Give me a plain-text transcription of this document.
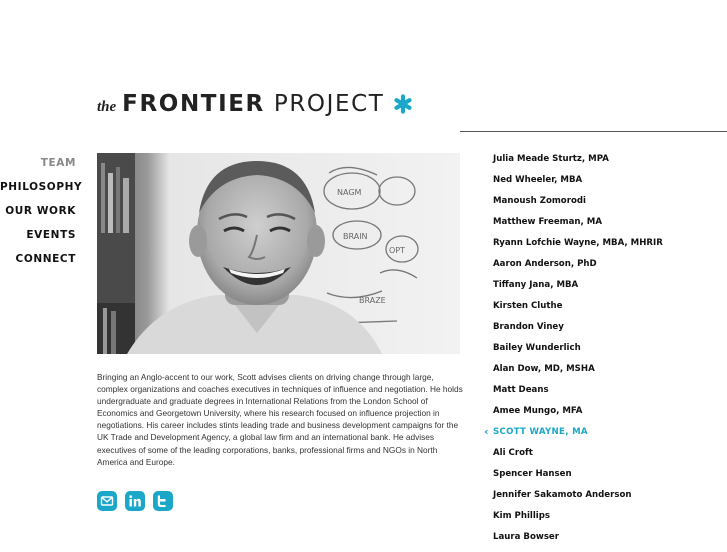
the FRONTIER PROJECT
TEAM
PHILOSOPHY
OUR WORK
EVENTS
CONNECT
NAGM
BRAIN
OPT
BRAZE

Bringing an Anglo-accent to our work, Scott advises clients on driving change through large, complex organizations and coaches executives in techniques of influence and negotiation. He holds undergraduate and graduate degrees in International Relations from the London School of Economics and Georgetown University, where his research focused on influence projection in negotiations. His career includes stints leading trade and business development campaigns for the UK Trade and Development Agency, a global law firm and an international bank. He advises executives of some of the leading corporations, banks, professional firms and NGOs in North America and Europe.

Julia Meade Sturtz, MPA
Ned Wheeler, MBA
Manoush Zomorodi
Matthew Freeman, MA
Ryann Lofchie Wayne, MBA, MHRIR
Aaron Anderson, PhD
Tiffany Jana, MBA
Kirsten Cluthe
Brandon Viney
Bailey Wunderlich
Alan Dow, MD, MSHA
Matt Deans
Amee Mungo, MFA
‹ SCOTT WAYNE, MA
Ali Croft
Spencer Hansen
Jennifer Sakamoto Anderson
Kim Phillips
Laura Bowser
